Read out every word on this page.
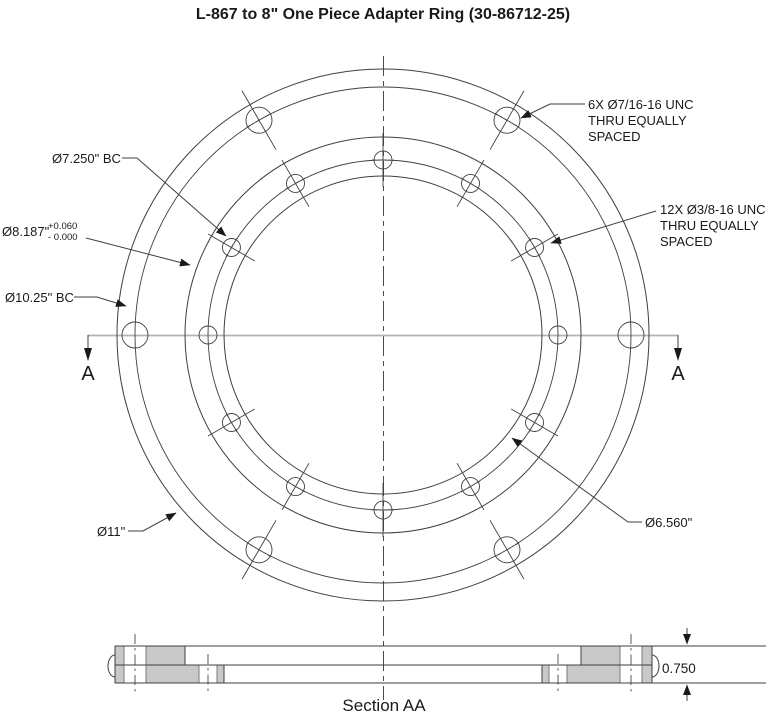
L-867 to 8" One Piece Adapter Ring (30-86712-25)
A	A
Ø7.250" BC
Ø8.187"
+0.060
- 0.000
Ø10.25" BC
Ø11"
Ø6.560"
6X Ø7/16-16 UNC
THRU EQUALLY
SPACED
12X Ø3/8-16 UNC
THRU EQUALLY
SPACED
0.750
Section AA
